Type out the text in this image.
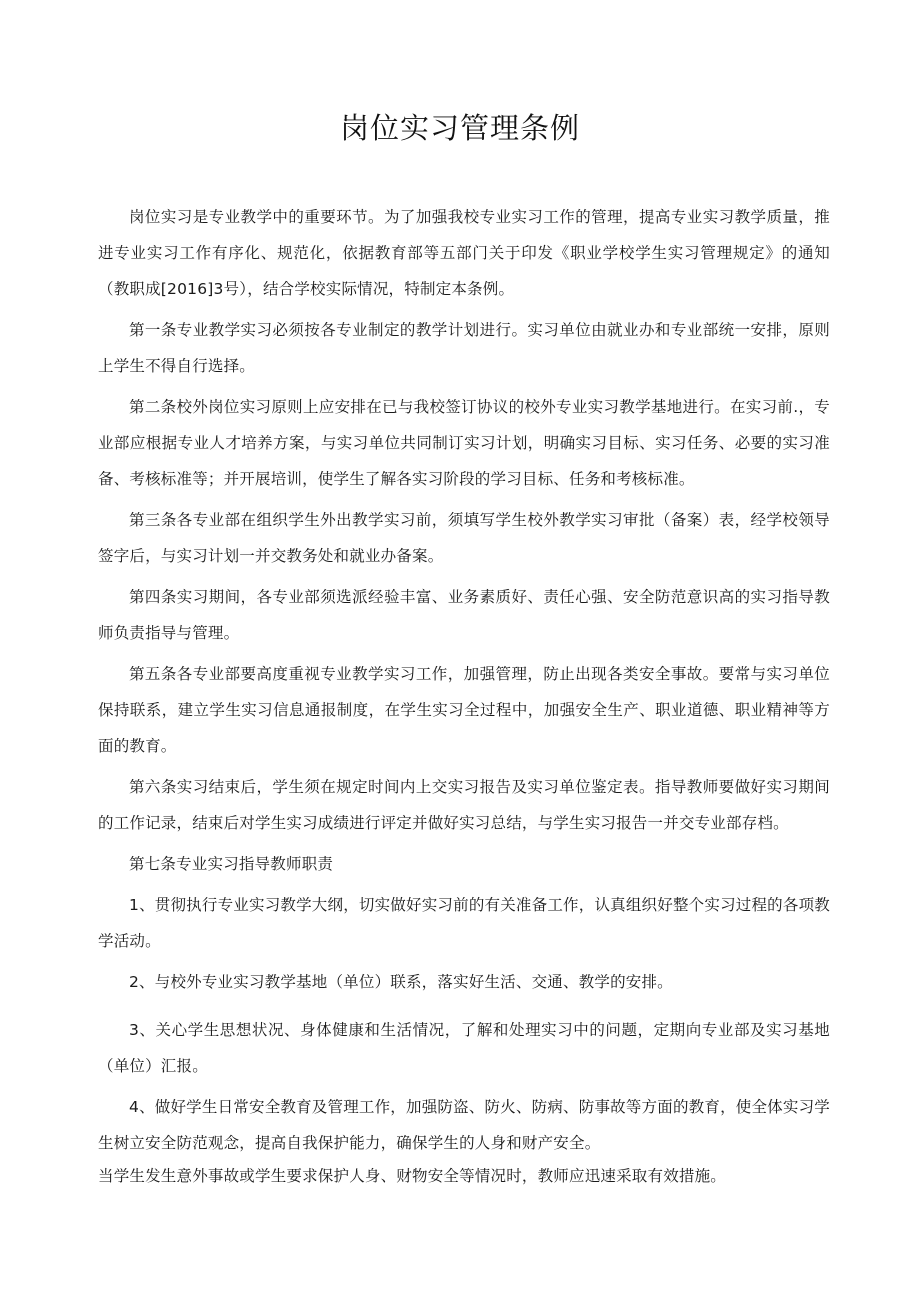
岗位实习管理条例

岗位实习是专业教学中的重要环节。为了加强我校专业实习工作的管理，提高专业实习教学质量，推进专业实习工作有序化、规范化，依据教育部等五部门关于印发《职业学校学生实习管理规定》的通知（教职成[2016]3号），结合学校实际情况，特制定本条例。

第一条专业教学实习必须按各专业制定的教学计划进行。实习单位由就业办和专业部统一安排，原则上学生不得自行选择。

第二条校外岗位实习原则上应安排在已与我校签订协议的校外专业实习教学基地进行。在实习前.，专业部应根据专业人才培养方案，与实习单位共同制订实习计划，明确实习目标、实习任务、必要的实习准备、考核标准等；并开展培训，使学生了解各实习阶段的学习目标、任务和考核标准。

第三条各专业部在组织学生外出教学实习前，须填写学生校外教学实习审批（备案）表，经学校领导签字后，与实习计划一并交教务处和就业办备案。

第四条实习期间，各专业部须选派经验丰富、业务素质好、责任心强、安全防范意识高的实习指导教师负责指导与管理。

第五条各专业部要高度重视专业教学实习工作，加强管理，防止出现各类安全事故。要常与实习单位保持联系，建立学生实习信息通报制度，在学生实习全过程中，加强安全生产、职业道德、职业精神等方面的教育。

第六条实习结束后，学生须在规定时间内上交实习报告及实习单位鉴定表。指导教师要做好实习期间的工作记录，结束后对学生实习成绩进行评定并做好实习总结，与学生实习报告一并交专业部存档。

第七条专业实习指导教师职责

1、贯彻执行专业实习教学大纲，切实做好实习前的有关准备工作，认真组织好整个实习过程的各项教学活动。

2、与校外专业实习教学基地（单位）联系，落实好生活、交通、教学的安排。

3、关心学生思想状况、身体健康和生活情况，了解和处理实习中的问题，定期向专业部及实习基地（单位）汇报。

4、做好学生日常安全教育及管理工作，加强防盗、防火、防病、防事故等方面的教育，使全体实习学生树立安全防范观念，提高自我保护能力，确保学生的人身和财产安全。

当学生发生意外事故或学生要求保护人身、财物安全等情况时，教师应迅速采取有效措施。
